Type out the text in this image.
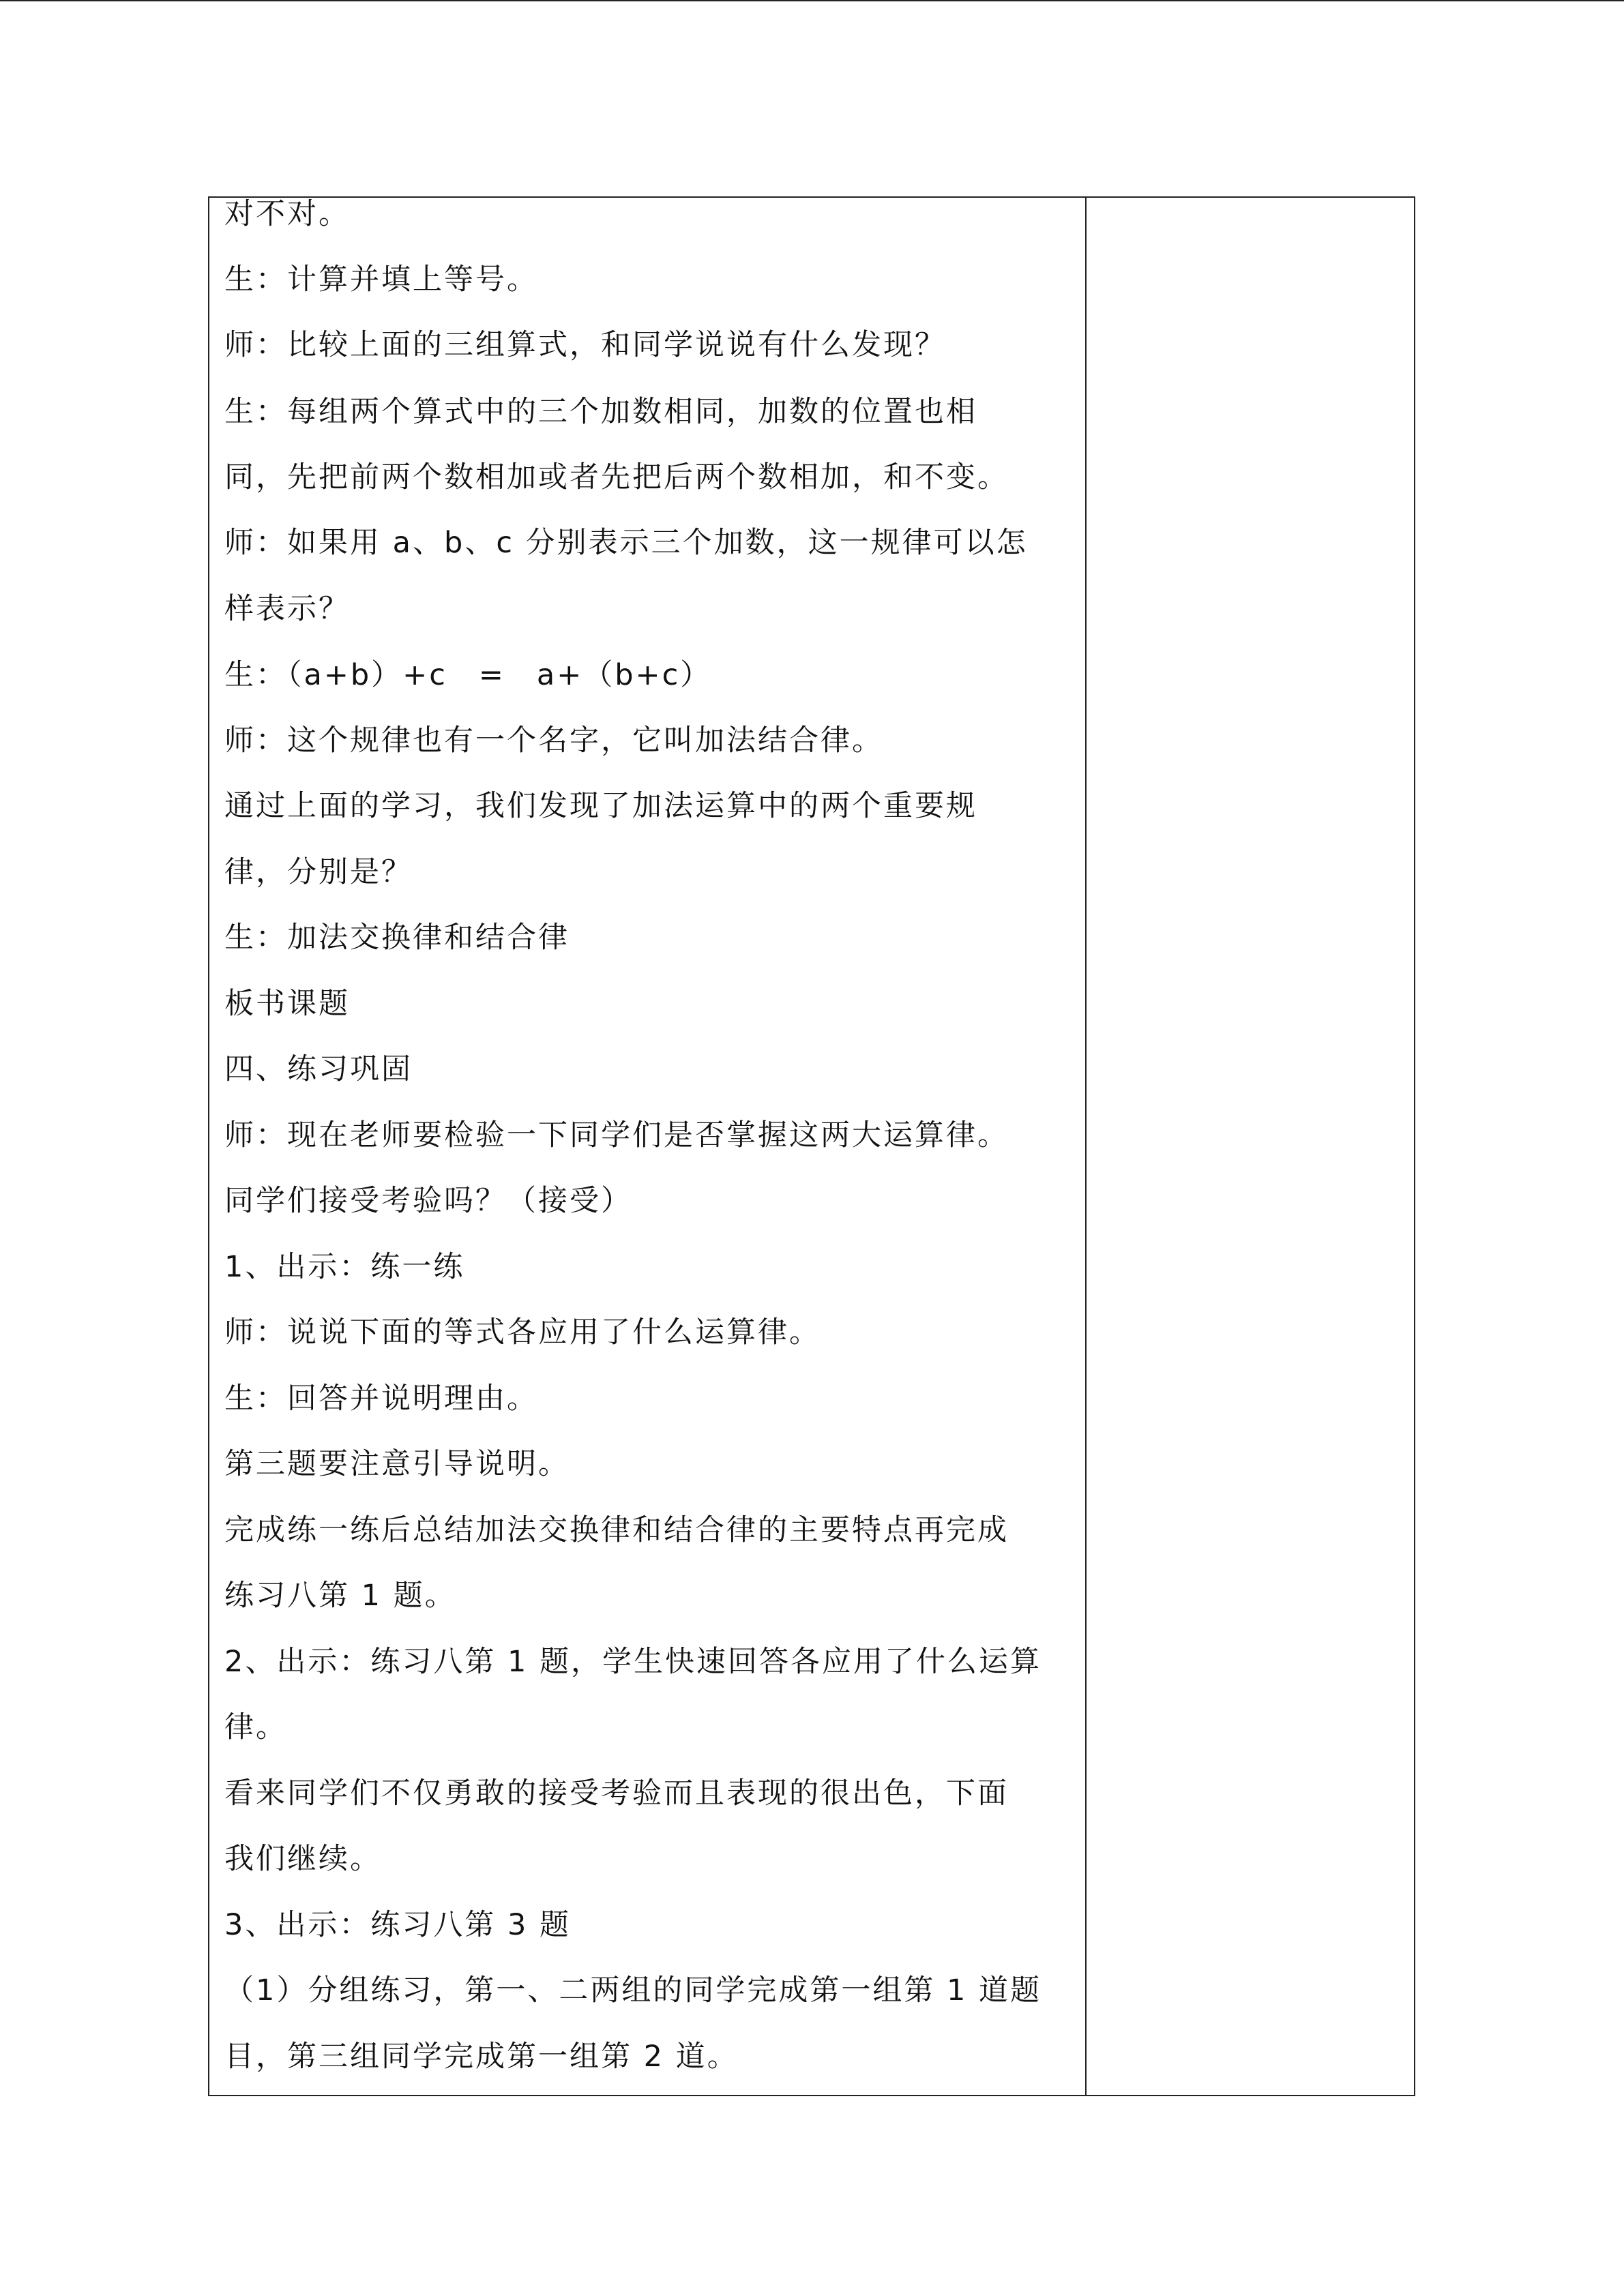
对不对。
生：计算并填上等号。
师：比较上面的三组算式，和同学说说有什么发现？
生：每组两个算式中的三个加数相同，加数的位置也相
同，先把前两个数相加或者先把后两个数相加，和不变。
师：如果用 a、b、c 分别表示三个加数，这一规律可以怎
样表示？
生：（a+b）+c　=　a+（b+c）
师：这个规律也有一个名字，它叫加法结合律。
通过上面的学习，我们发现了加法运算中的两个重要规
律，分别是？
生：加法交换律和结合律
板书课题
四、练习巩固
师：现在老师要检验一下同学们是否掌握这两大运算律。
同学们接受考验吗？（接受）
1、出示：练一练
师：说说下面的等式各应用了什么运算律。
生：回答并说明理由。
第三题要注意引导说明。
完成练一练后总结加法交换律和结合律的主要特点再完成
练习八第 1 题。
2、出示：练习八第 1 题，学生快速回答各应用了什么运算
律。
看来同学们不仅勇敢的接受考验而且表现的很出色，下面
我们继续。
3、出示：练习八第 3 题
（1）分组练习，第一、二两组的同学完成第一组第 1 道题
目，第三组同学完成第一组第 2 道。
